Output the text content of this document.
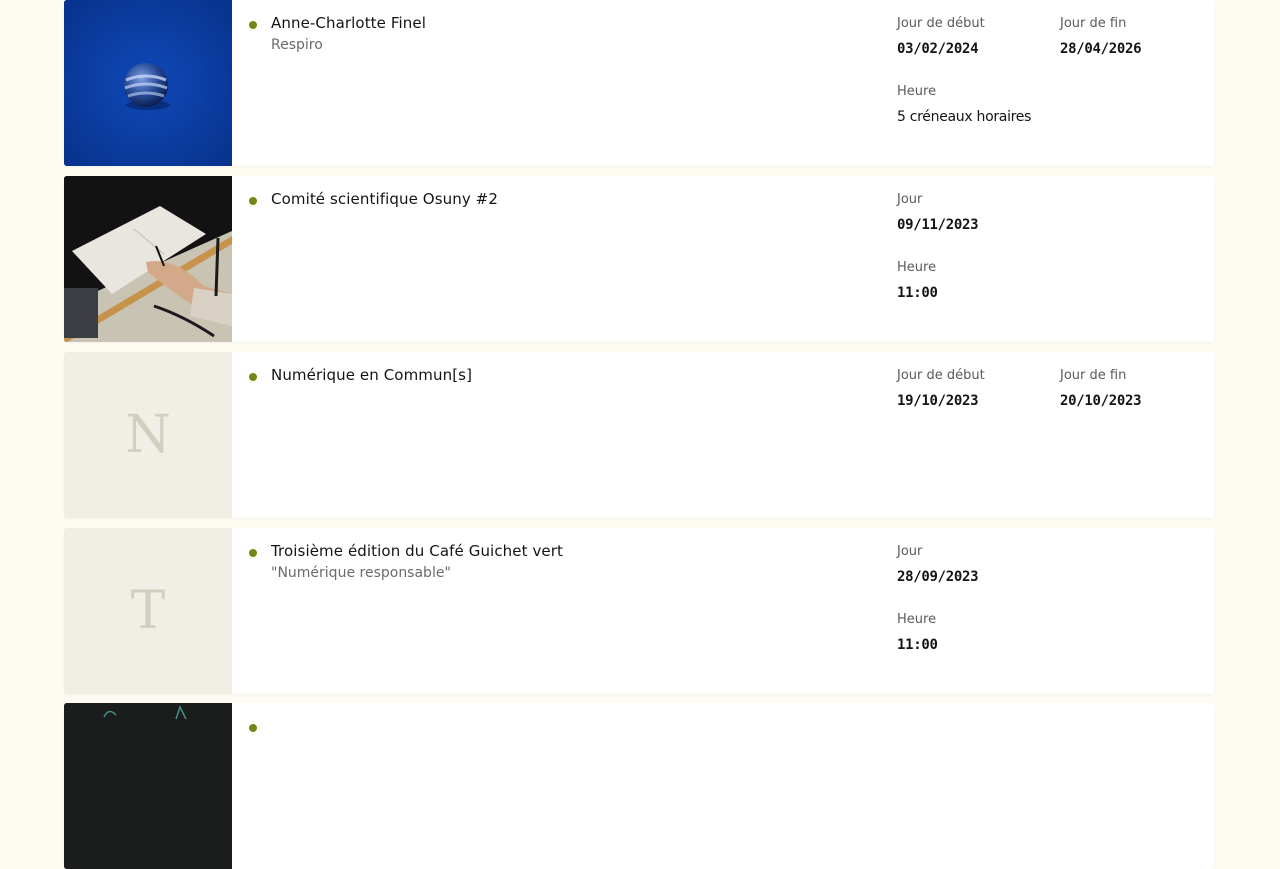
Anne-Charlotte Finel
Respiro
Jour de début
03/02/2024
Jour de fin
28/04/2026
Heure
5 créneaux horaires
Comité scientifique Osuny #2	Jour
09/11/2023
Heure
11:00
N
Numérique en Commun[s]	Jour de début
19/10/2023
Jour de fin
20/10/2023
T
Troisième édition du Café Guichet vert
"Numérique responsable"
Jour
28/09/2023
Heure
11:00
